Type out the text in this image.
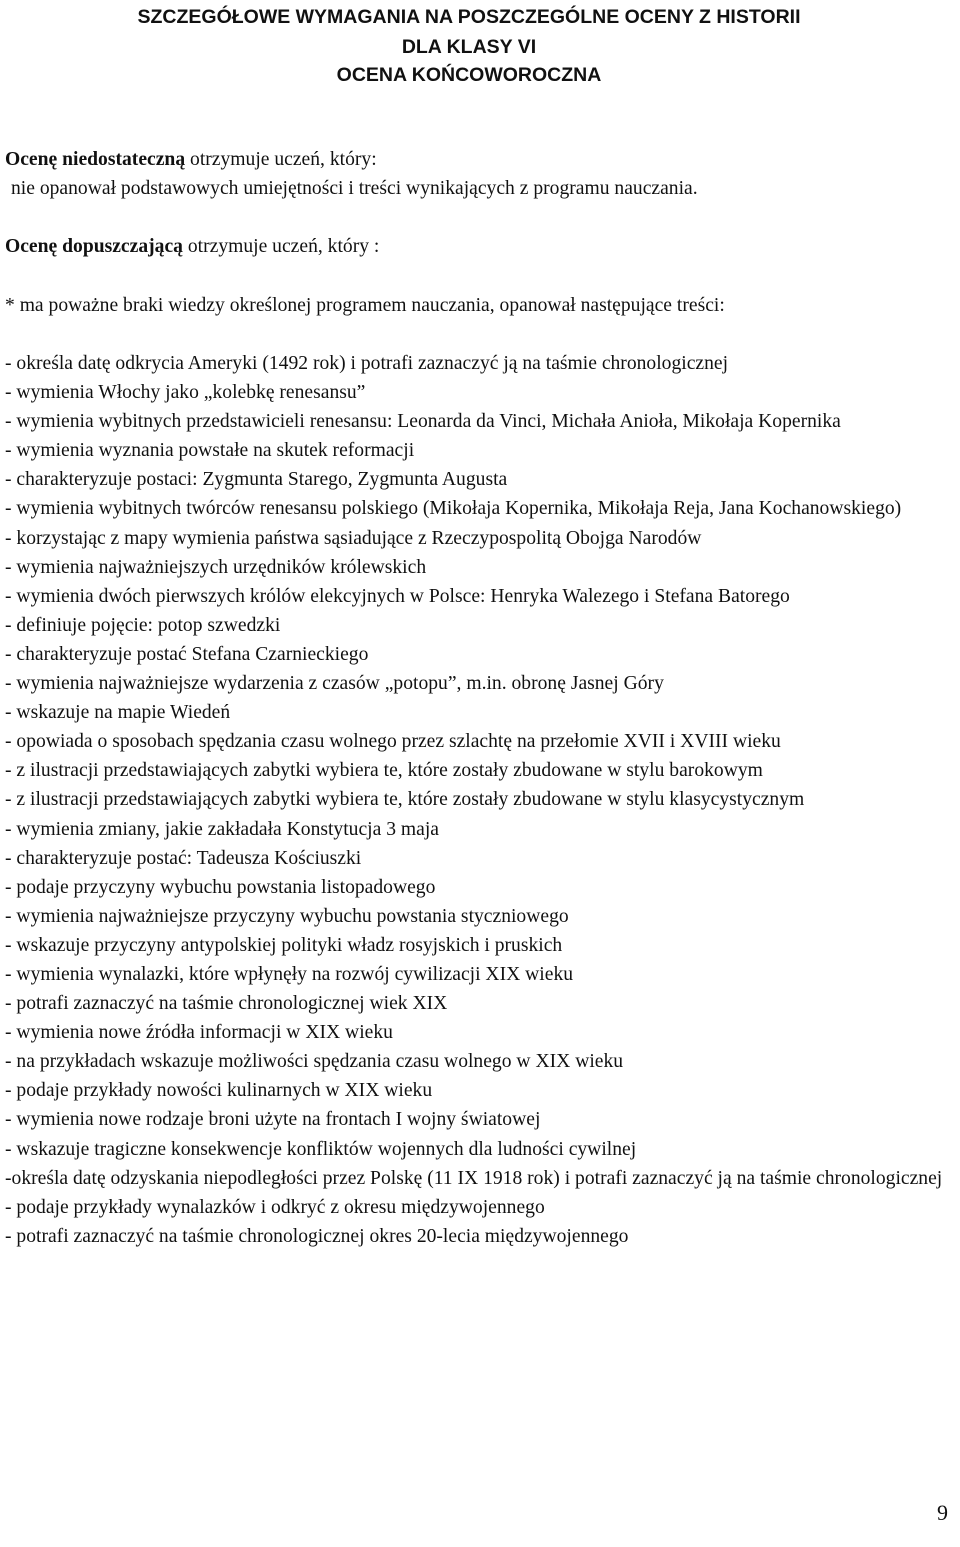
SZCZEGÓŁOWE WYMAGANIA NA POSZCZEGÓLNE OCENY Z HISTORII
DLA KLASY VI
OCENA KOŃCOWOROCZNA

Ocenę niedostateczną otrzymuje uczeń, który:

nie opanował podstawowych umiejętności i treści wynikających z programu nauczania.

Ocenę dopuszczającą otrzymuje uczeń, który :

* ma poważne braki wiedzy określonej programem nauczania, opanował następujące treści:

- określa datę odkrycia Ameryki (1492 rok) i potrafi zaznaczyć ją na taśmie chronologicznej
- wymienia Włochy jako „kolebkę renesansu”
- wymienia wybitnych przedstawicieli renesansu: Leonarda da Vinci, Michała Anioła, Mikołaja Kopernika
- wymienia wyznania powstałe na skutek reformacji
- charakteryzuje postaci: Zygmunta Starego, Zygmunta Augusta
- wymienia wybitnych twórców renesansu polskiego (Mikołaja Kopernika, Mikołaja Reja, Jana Kochanowskiego)
- korzystając z mapy wymienia państwa sąsiadujące z Rzeczypospolitą Obojga Narodów
- wymienia najważniejszych urzędników królewskich
- wymienia dwóch pierwszych królów elekcyjnych w Polsce: Henryka Walezego i Stefana Batorego
- definiuje pojęcie: potop szwedzki
- charakteryzuje postać Stefana Czarnieckiego
- wymienia najważniejsze wydarzenia z czasów „potopu”, m.in. obronę Jasnej Góry
- wskazuje na mapie Wiedeń
- opowiada o sposobach spędzania czasu wolnego przez szlachtę na przełomie XVII i XVIII wieku
- z ilustracji przedstawiających zabytki wybiera te, które zostały zbudowane w stylu barokowym
- z ilustracji przedstawiających zabytki wybiera te, które zostały zbudowane w stylu klasycystycznym
- wymienia zmiany, jakie zakładała Konstytucja 3 maja
- charakteryzuje postać: Tadeusza Kościuszki
- podaje przyczyny wybuchu powstania listopadowego
- wymienia najważniejsze przyczyny wybuchu powstania styczniowego
- wskazuje przyczyny antypolskiej polityki władz rosyjskich i pruskich
- wymienia wynalazki, które wpłynęły na rozwój cywilizacji XIX wieku
- potrafi zaznaczyć na taśmie chronologicznej wiek XIX
- wymienia nowe źródła informacji w XIX wieku
- na przykładach wskazuje możliwości spędzania czasu wolnego w XIX wieku
- podaje przykłady nowości kulinarnych w XIX wieku
- wymienia nowe rodzaje broni użyte na frontach I wojny światowej
- wskazuje tragiczne konsekwencje konfliktów wojennych dla ludności cywilnej
-określa datę odzyskania niepodległości przez Polskę (11 IX 1918 rok) i potrafi zaznaczyć ją na taśmie chronologicznej
- podaje przykłady wynalazków i odkryć z okresu międzywojennego
- potrafi zaznaczyć na taśmie chronologicznej okres 20-lecia międzywojennego
9
